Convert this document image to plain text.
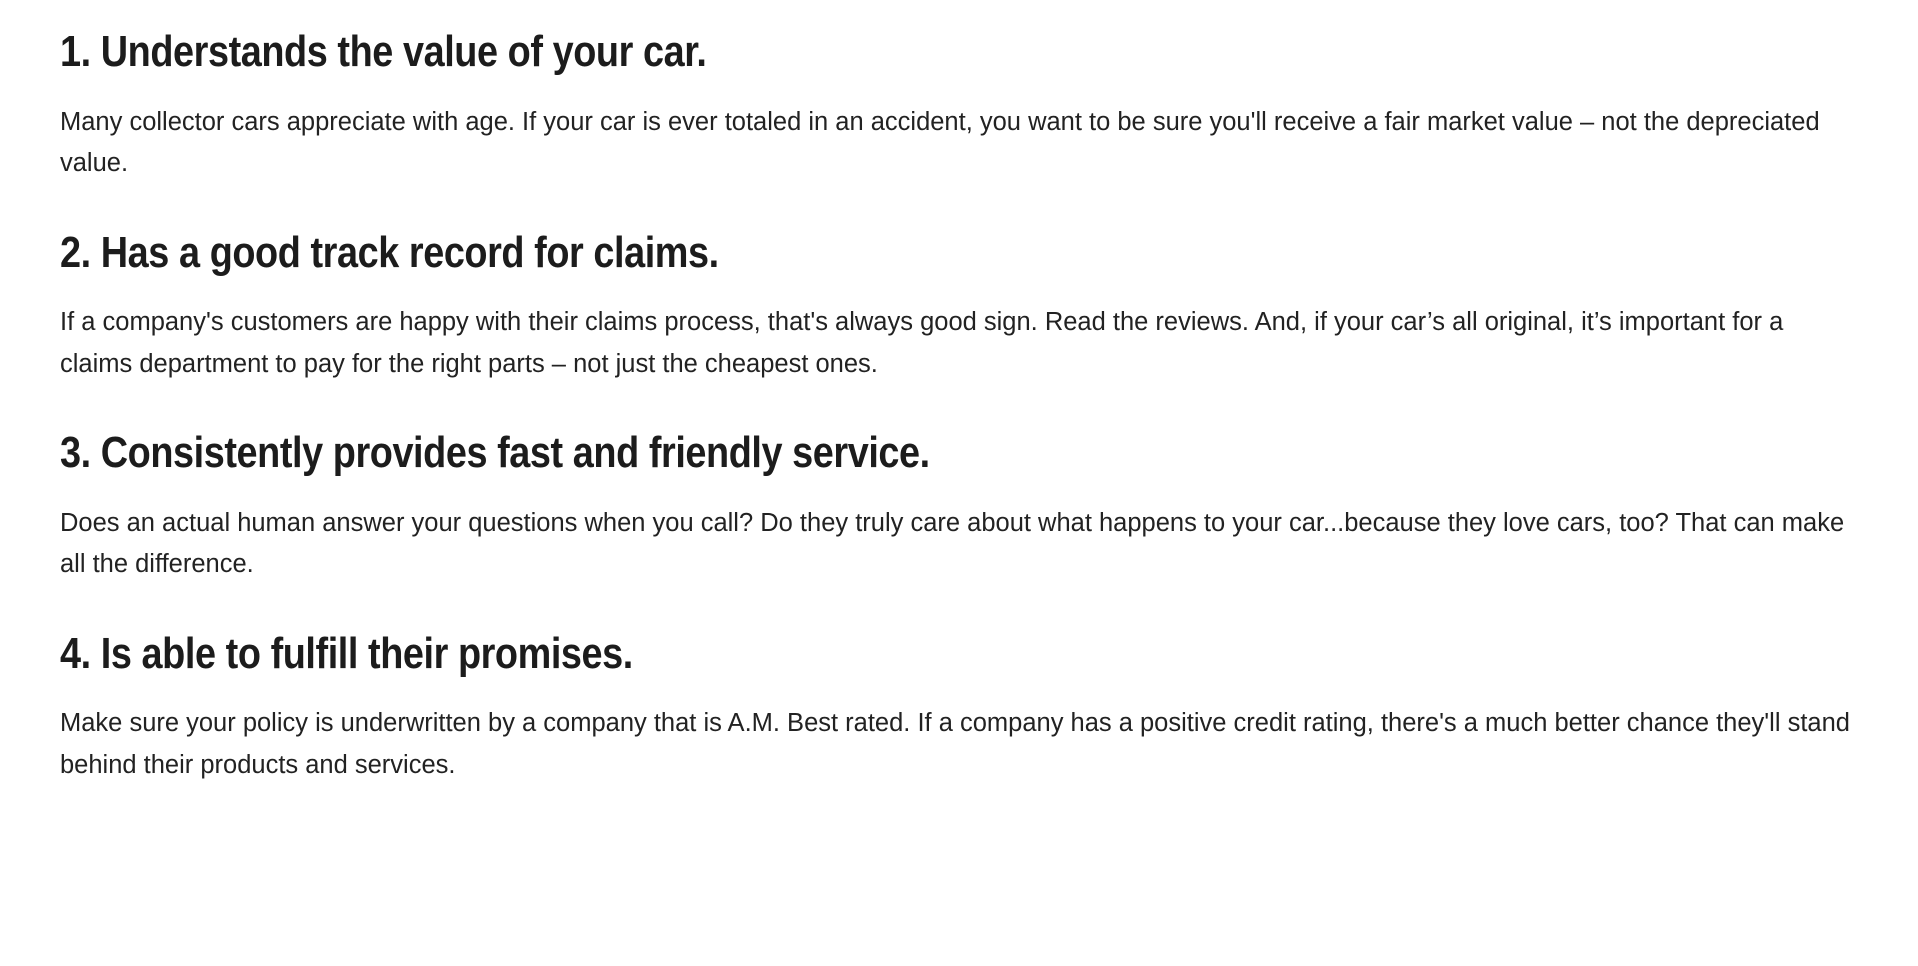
1. Understands the value of your car.

Many collector cars appreciate with age. If your car is ever totaled in an accident, you want to be sure you'll receive a fair market value – not the depreciated value.

2. Has a good track record for claims.

If a company's customers are happy with their claims process, that's always good sign. Read the reviews. And, if your car’s all original, it’s important for a claims department to pay for the right parts – not just the cheapest ones.

3. Consistently provides fast and friendly service.

Does an actual human answer your questions when you call? Do they truly care about what happens to your car...because they love cars, too? That can make all the difference.

4. Is able to fulfill their promises.

Make sure your policy is underwritten by a company that is A.M. Best rated. If a company has a positive credit rating, there's a much better chance they'll stand behind their products and services.
